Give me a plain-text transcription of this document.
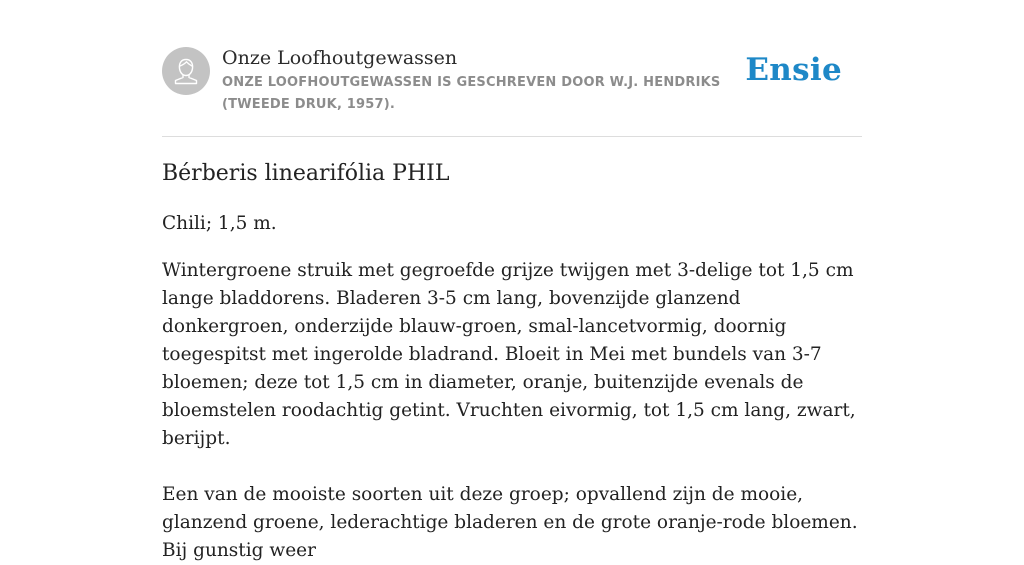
Onze Loofhoutgewassen
ONZE LOOFHOUTGEWASSEN IS GESCHREVEN DOOR W.J. HENDRIKS (TWEEDE DRUK, 1957).
Ensie
Bérberis linearifólia PHIL

Chili; 1,5 m.

Wintergroene struik met gegroefde grijze twijgen met 3-delige tot 1,5 cm lange bladdorens. Bladeren 3-5 cm lang, bovenzijde glanzend donkergroen, onderzijde blauw-groen, smal-lancetvormig, doornig toegespitst met ingerolde bladrand. Bloeit in Mei met bundels van 3-7 bloemen; deze tot 1,5 cm in diameter, oranje, buitenzijde evenals de bloemstelen roodachtig getint. Vruchten eivormig, tot 1,5 cm lang, zwart, berijpt.

Een van de mooiste soorten uit deze groep; opvallend zijn de mooie, glanzend groene, lederachtige bladeren en de grote oranje-rode bloemen. Bij gunstig weer
